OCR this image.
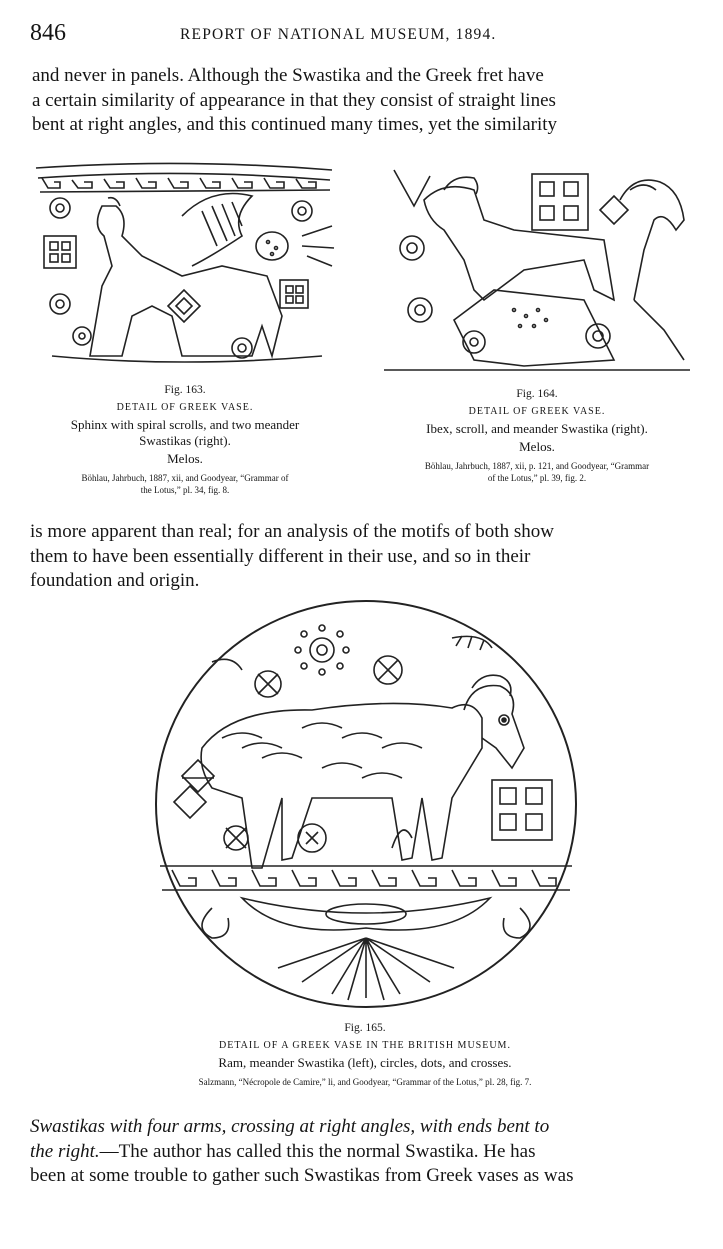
846	REPORT OF NATIONAL MUSEUM, 1894.
and never in panels. Although the Swastika and the Greek fret have
a certain similarity of appearance in that they consist of straight lines
bent at right angles, and this continued many times, yet the similarity
Fig. 163.
DETAIL OF GREEK VASE.
Sphinx with spiral scrolls, and two meander
Swastikas (right).
Melos.
Böhlau, Jahrbuch, 1887, xii, and Goodyear, “Grammar of
the Lotus,” pl. 34, fig. 8.
Fig. 164.
DETAIL OF GREEK VASE.
Ibex, scroll, and meander Swastika (right).
Melos.
Böhlau, Jahrbuch, 1887, xii, p. 121, and Goodyear, “Grammar
of the Lotus,” pl. 39, fig. 2.
is more apparent than real; for an analysis of the motifs of both show
them to have been essentially different in their use, and so in their
foundation and origin.
Fig. 165.
DETAIL OF A GREEK VASE IN THE BRITISH MUSEUM.
Ram, meander Swastika (left), circles, dots, and crosses.
Salzmann, “Nécropole de Camire,” li, and Goodyear, “Grammar of the Lotus,” pl. 28, fig. 7.
Swastikas with four arms, crossing at right angles, with ends bent to
the right.—The author has called this the normal Swastika. He has
been at some trouble to gather such Swastikas from Greek vases as was
